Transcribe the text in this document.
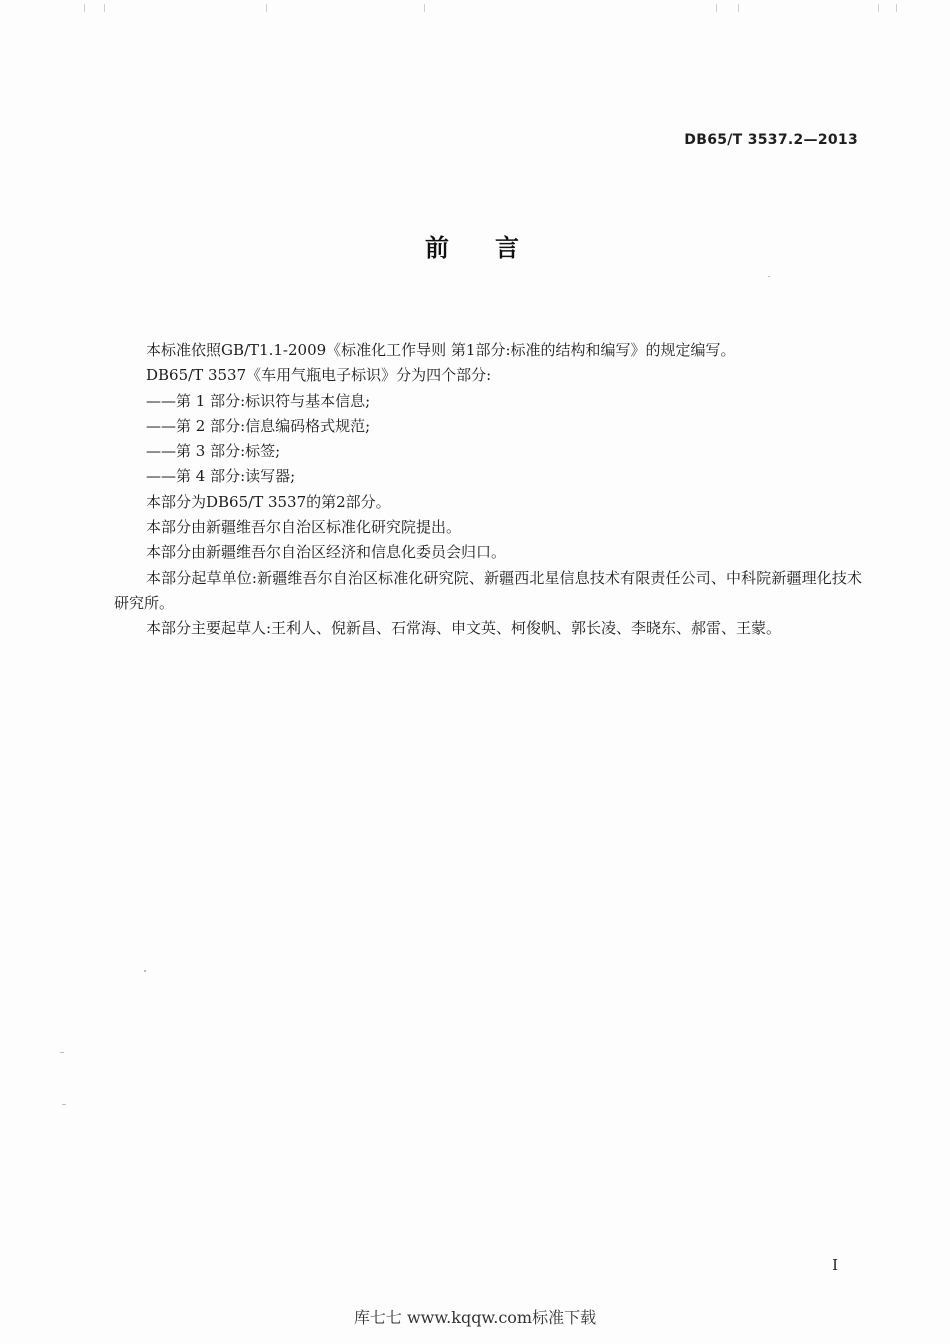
DB65/T 3537.2—2013
前言

本标准依照GB/T1.1-2009《标准化工作导则 第1部分:标准的结构和编写》的规定编写。

DB65/T 3537《车用气瓶电子标识》分为四个部分:

——第 1 部分:标识符与基本信息;

——第 2 部分:信息编码格式规范;

——第 3 部分:标签;

——第 4 部分:读写器;

本部分为DB65/T 3537的第2部分。

本部分由新疆维吾尔自治区标准化研究院提出。

本部分由新疆维吾尔自治区经济和信息化委员会归口。

本部分起草单位:新疆维吾尔自治区标准化研究院、新疆西北星信息技术有限责任公司、中科院新疆理化技术研究所。

本部分主要起草人:王利人、倪新昌、石常海、申文英、柯俊帆、郭长凌、李晓东、郝雷、王蒙。

I
库七七 www.kqqw.com标准下载
